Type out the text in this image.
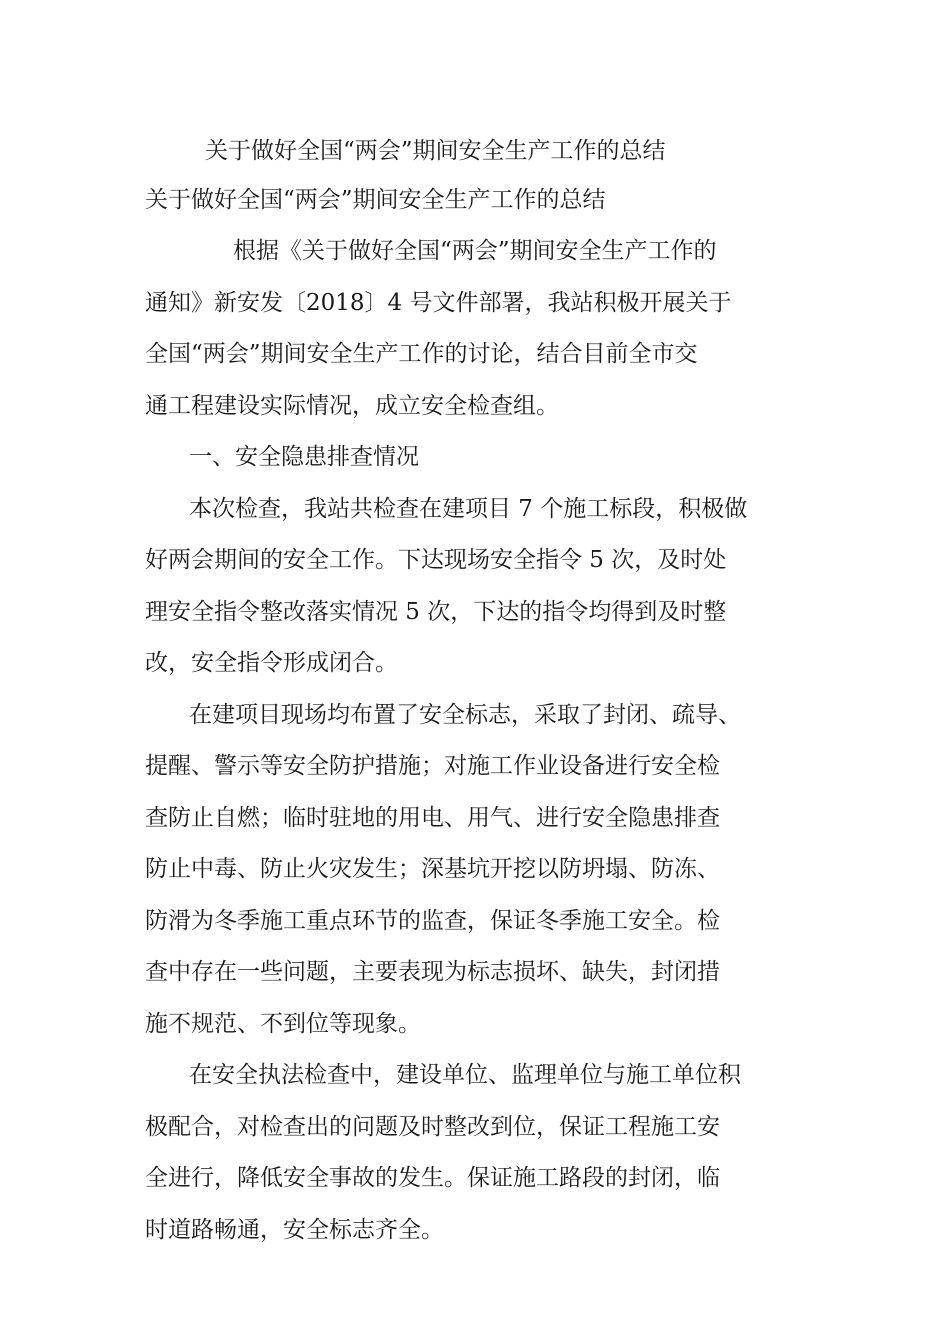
关于做好全国“两会”期间安全生产工作的总结
关于做好全国“两会”期间安全生产工作的总结
根据《关于做好全国“两会”期间安全生产工作的
通知》新安发〔2018〕4 号文件部署，我站积极开展关于
全国“两会”期间安全生产工作的讨论，结合目前全市交
通工程建设实际情况，成立安全检查组。
一、安全隐患排查情况
本次检查，我站共检查在建项目 7 个施工标段，积极做
好两会期间的安全工作。下达现场安全指令 5 次，及时处
理安全指令整改落实情况 5 次，下达的指令均得到及时整
改，安全指令形成闭合。
在建项目现场均布置了安全标志，采取了封闭、疏导、
提醒、警示等安全防护措施；对施工作业设备进行安全检
查防止自燃；临时驻地的用电、用气、进行安全隐患排查
防止中毒、防止火灾发生；深基坑开挖以防坍塌、防冻、
防滑为冬季施工重点环节的监查，保证冬季施工安全。检
查中存在一些问题，主要表现为标志损坏、缺失，封闭措
施不规范、不到位等现象。
在安全执法检查中，建设单位、监理单位与施工单位积
极配合，对检查出的问题及时整改到位，保证工程施工安
全进行，降低安全事故的发生。保证施工路段的封闭，临
时道路畅通，安全标志齐全。
